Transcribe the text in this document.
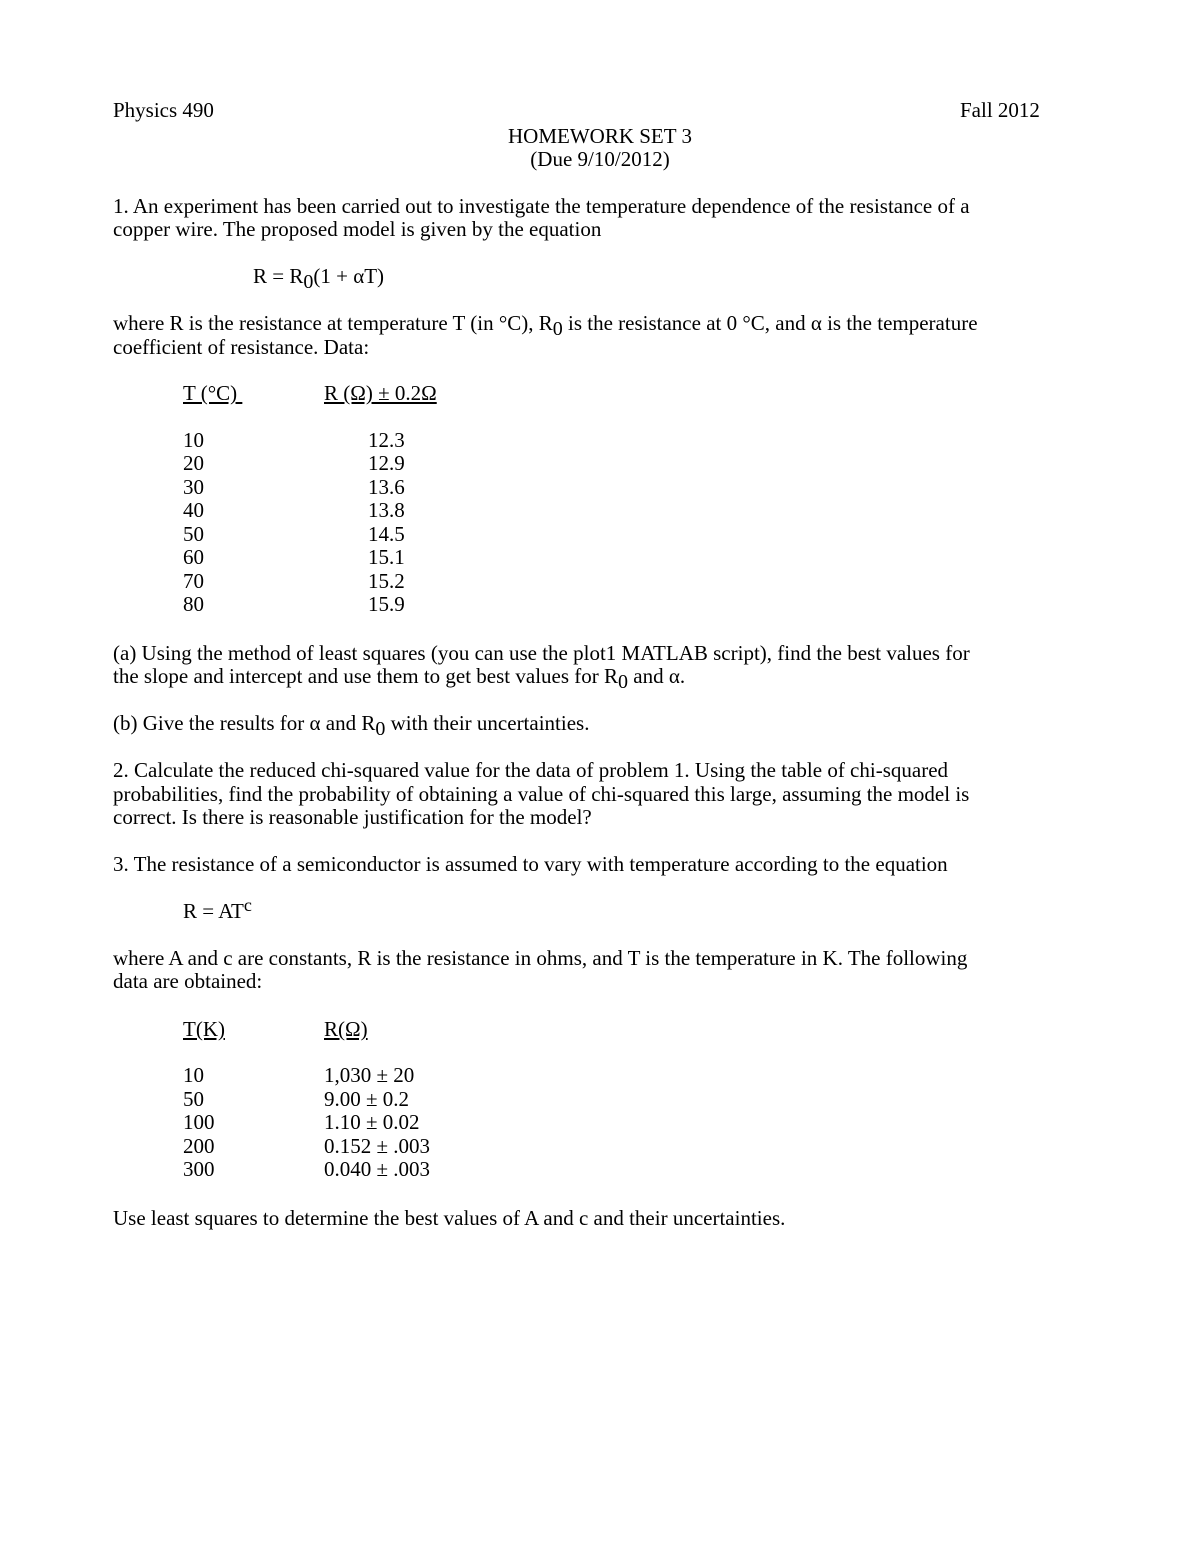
Physics 490	Fall 2012
HOMEWORK SET 3
(Due 9/10/2012)
1. An experiment has been carried out to investigate the temperature dependence of the resistance of a
copper wire. The proposed model is given by the equation
R = R0(1 + αT)
where R is the resistance at temperature T (in °C), R0 is the resistance at 0 °C, and α is the temperature
coefficient of resistance. Data:
T (°C)	R (Ω) ± 0.2Ω
10	12.3
20	12.9
30	13.6
40	13.8
50	14.5
60	15.1
70	15.2
80	15.9
(a) Using the method of least squares (you can use the plot1 MATLAB script), find the best values for
the slope and intercept and use them to get best values for R0 and α.
(b) Give the results for α and R0 with their uncertainties.
2. Calculate the reduced chi-squared value for the data of problem 1. Using the table of chi-squared
probabilities, find the probability of obtaining a value of chi-squared this large, assuming the model is
correct. Is there is reasonable justification for the model?
3. The resistance of a semiconductor is assumed to vary with temperature according to the equation
R = ATc
where A and c are constants, R is the resistance in ohms, and T is the temperature in K. The following
data are obtained:
T(K)	R(Ω)
10	1,030 ± 20
50	9.00 ± 0.2
100	1.10 ± 0.02
200	0.152 ± .003
300	0.040 ± .003
Use least squares to determine the best values of A and c and their uncertainties.
